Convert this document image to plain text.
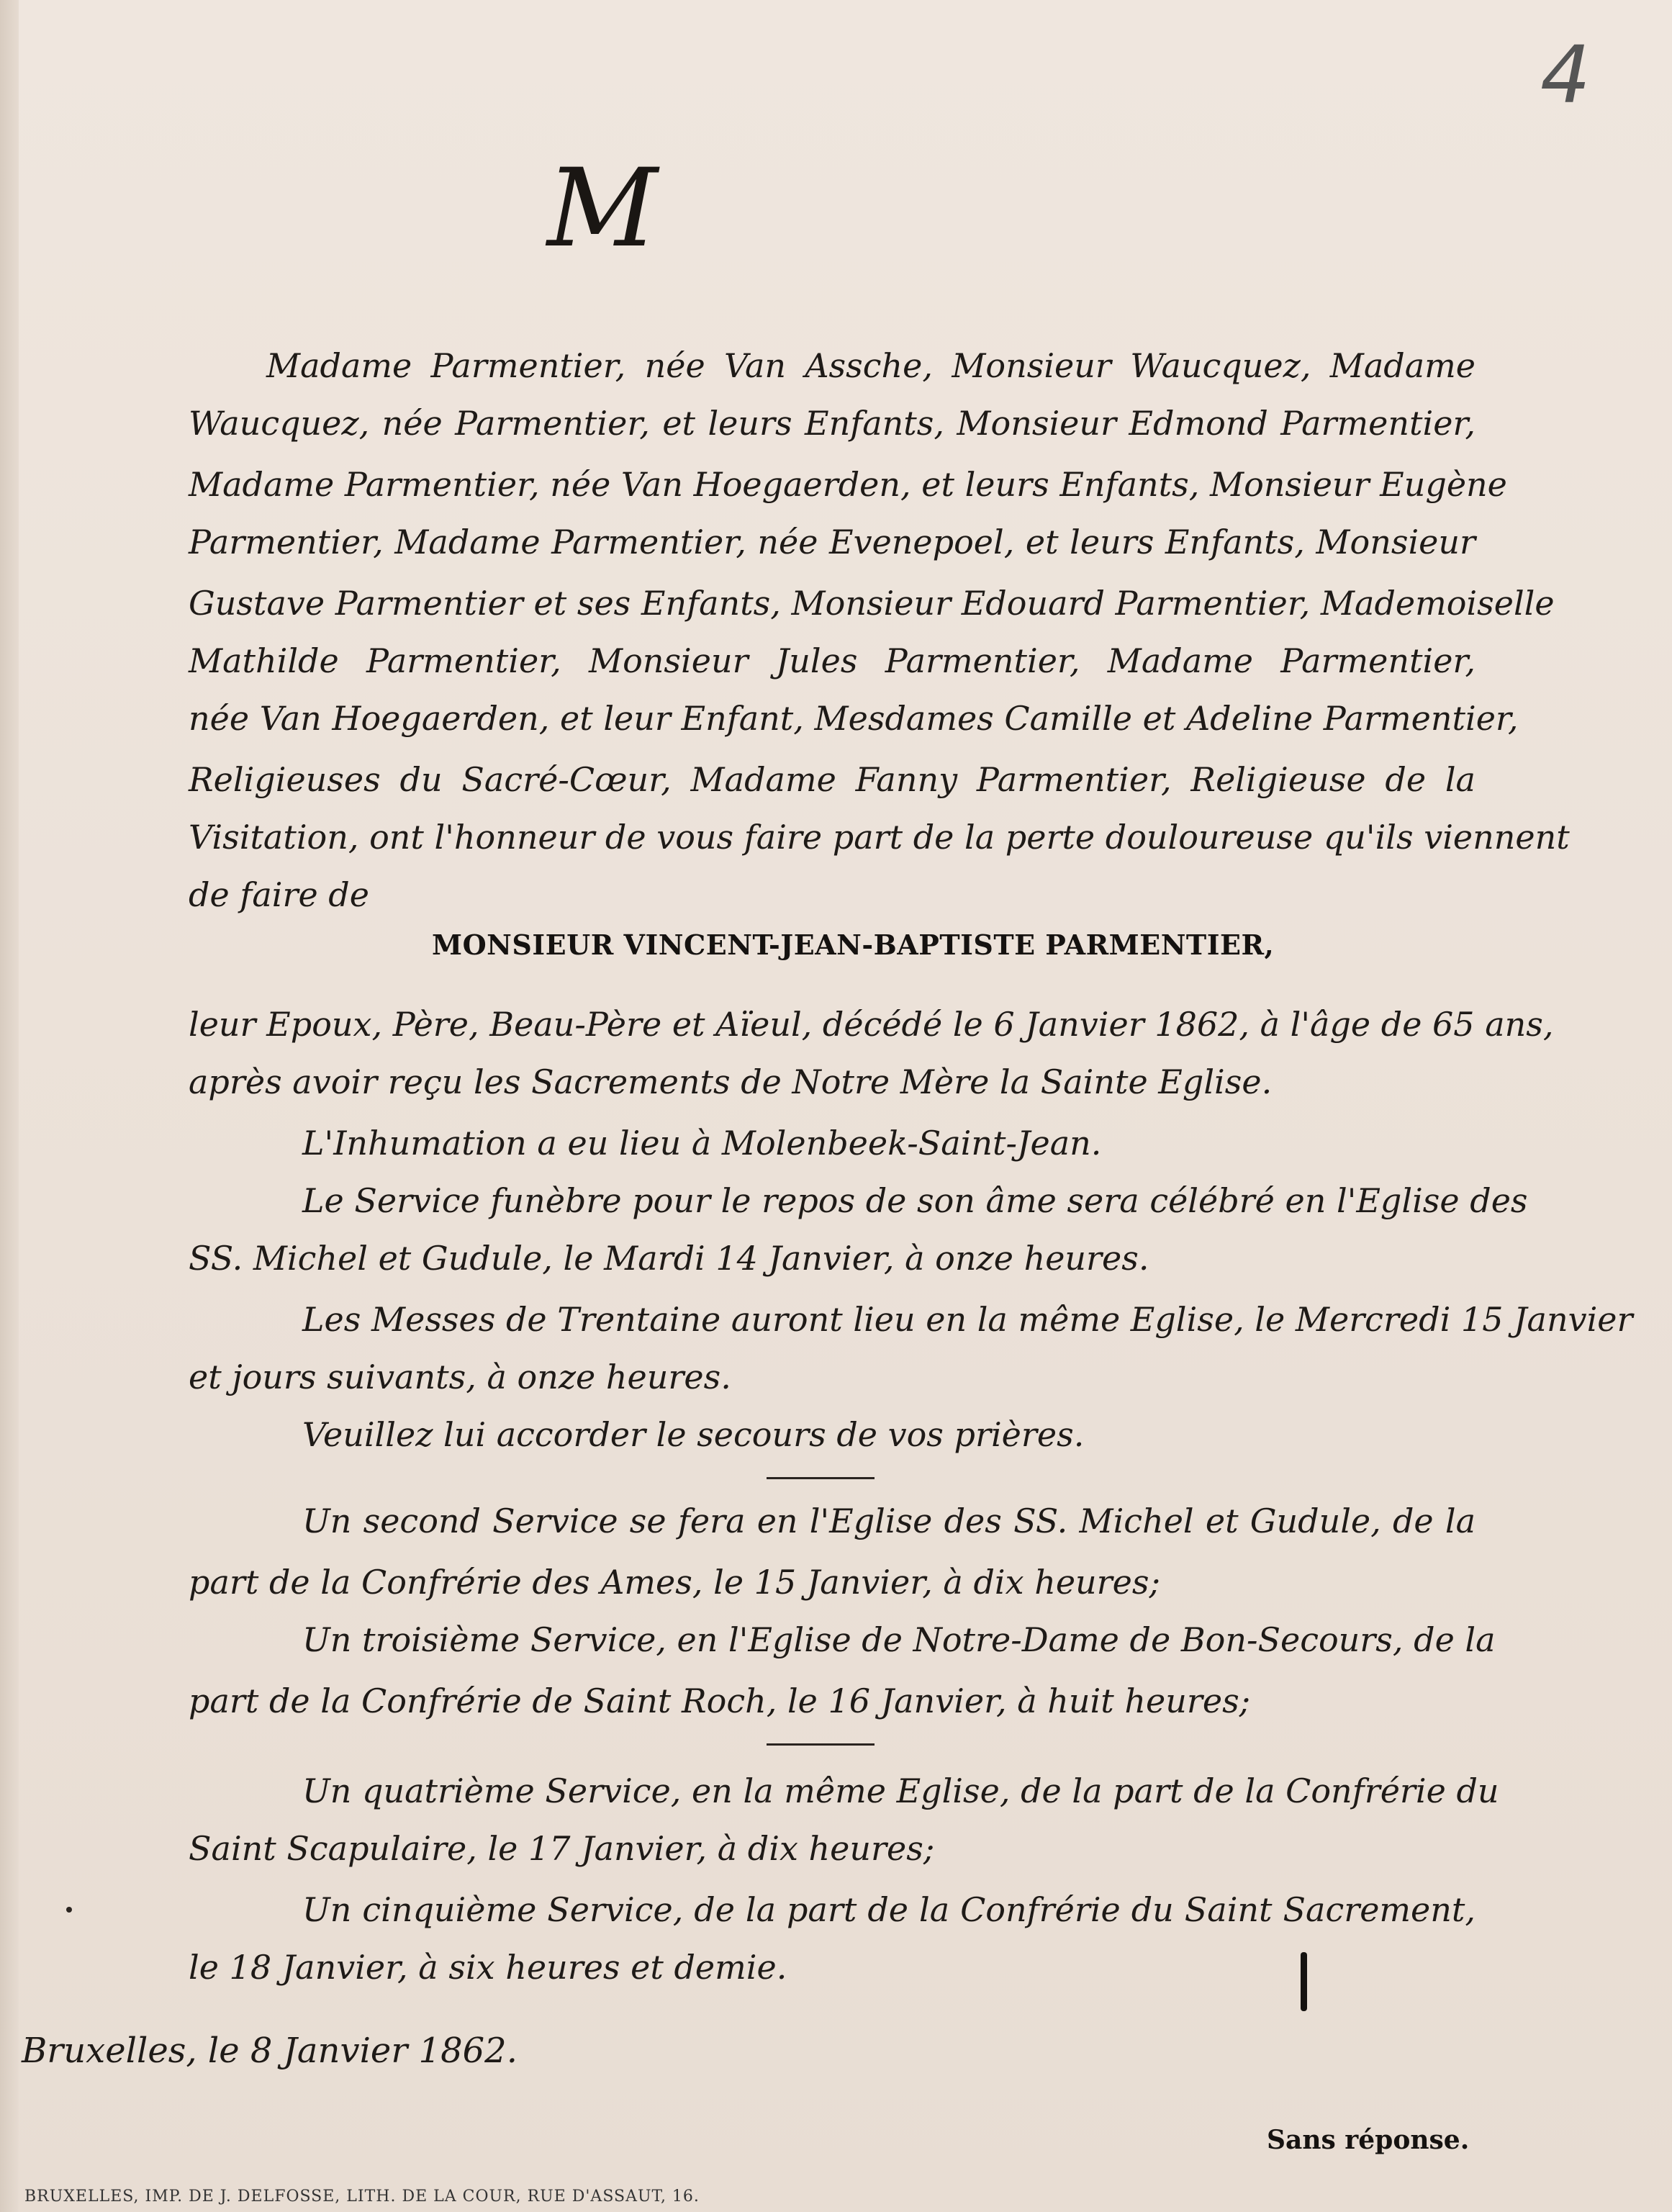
4
M
Madame Parmentier, née Van Assche, Monsieur Waucquez, Madame
Waucquez, née Parmentier, et leurs Enfants, Monsieur Edmond Parmentier,
Madame Parmentier, née Van Hoegaerden, et leurs Enfants, Monsieur Eugène
Parmentier, Madame Parmentier, née Evenepoel, et leurs Enfants, Monsieur
Gustave Parmentier et ses Enfants, Monsieur Edouard Parmentier, Mademoiselle
Mathilde Parmentier, Monsieur Jules Parmentier, Madame Parmentier,
née Van Hoegaerden, et leur Enfant, Mesdames Camille et Adeline Parmentier,
Religieuses du Sacré-Cœur, Madame Fanny Parmentier, Religieuse de la
Visitation, ont l'honneur de vous faire part de la perte douloureuse qu'ils viennent
de faire de
MONSIEUR VINCENT-JEAN-BAPTISTE PARMENTIER,
leur Epoux, Père, Beau-Père et Aïeul, décédé le 6 Janvier 1862, à l'âge de 65 ans,
après avoir reçu les Sacrements de Notre Mère la Sainte Eglise.
L'Inhumation a eu lieu à Molenbeek-Saint-Jean.
Le Service funèbre pour le repos de son âme sera célébré en l'Eglise des
SS. Michel et Gudule, le Mardi 14 Janvier, à onze heures.
Les Messes de Trentaine auront lieu en la même Eglise, le Mercredi 15 Janvier
et jours suivants, à onze heures.
Veuillez lui accorder le secours de vos prières.
Un second Service se fera en l'Eglise des SS. Michel et Gudule, de la
part de la Confrérie des Ames, le 15 Janvier, à dix heures;
Un troisième Service, en l'Eglise de Notre-Dame de Bon-Secours, de la
part de la Confrérie de Saint Roch, le 16 Janvier, à huit heures;
Un quatrième Service, en la même Eglise, de la part de la Confrérie du
Saint Scapulaire, le 17 Janvier, à dix heures;
Un cinquième Service, de la part de la Confrérie du Saint Sacrement,
le 18 Janvier, à six heures et demie.
Bruxelles, le 8 Janvier 1862.
Sans réponse.
BRUXELLES, IMP. DE J. DELFOSSE, LITH. DE LA COUR, RUE D'ASSAUT, 16.
